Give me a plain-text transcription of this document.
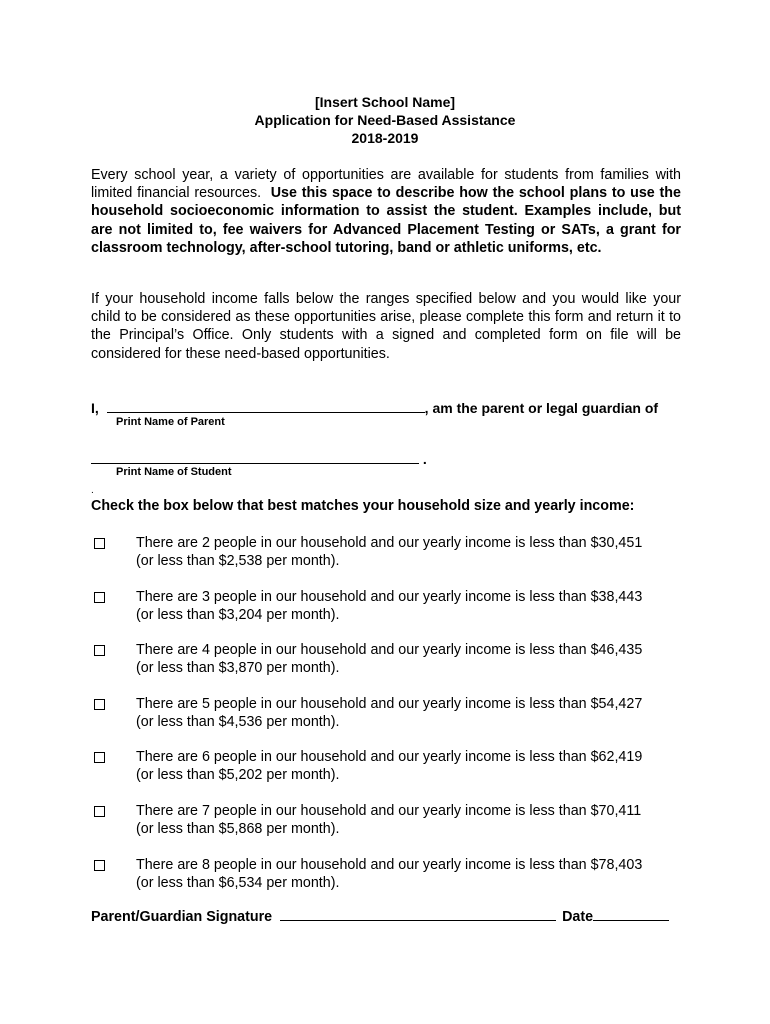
[Insert School Name]
Application for Need-Based Assistance
2018-2019
Every school year, a variety of opportunities are available for students from families with limited financial resources. Use this space to describe how the school plans to use the household socioeconomic information to assist the student. Examples include, but are not limited to, fee waivers for Advanced Placement Testing or SATs, a grant for classroom technology, after-school tutoring, band or athletic uniforms, etc.
If your household income falls below the ranges specified below and you would like your child to be considered as these opportunities arise, please complete this form and return it to the Principal’s Office. Only students with a signed and completed form on file will be considered for these need-based opportunities.
I,	, am the parent or legal guardian of
Print Name of Parent
.
Print Name of Student
.
Check the box below that best matches your household size and yearly income:
There are 2 people in our household and our yearly income is less than $30,451
(or less than $2,538 per month).
There are 3 people in our household and our yearly income is less than $38,443
(or less than $3,204 per month).
There are 4 people in our household and our yearly income is less than $46,435
(or less than $3,870 per month).
There are 5 people in our household and our yearly income is less than $54,427
(or less than $4,536 per month).
There are 6 people in our household and our yearly income is less than $62,419
(or less than $5,202 per month).
There are 7 people in our household and our yearly income is less than $70,411
(or less than $5,868 per month).
There are 8 people in our household and our yearly income is less than $78,403
(or less than $6,534 per month).
Parent/Guardian Signature	Date
